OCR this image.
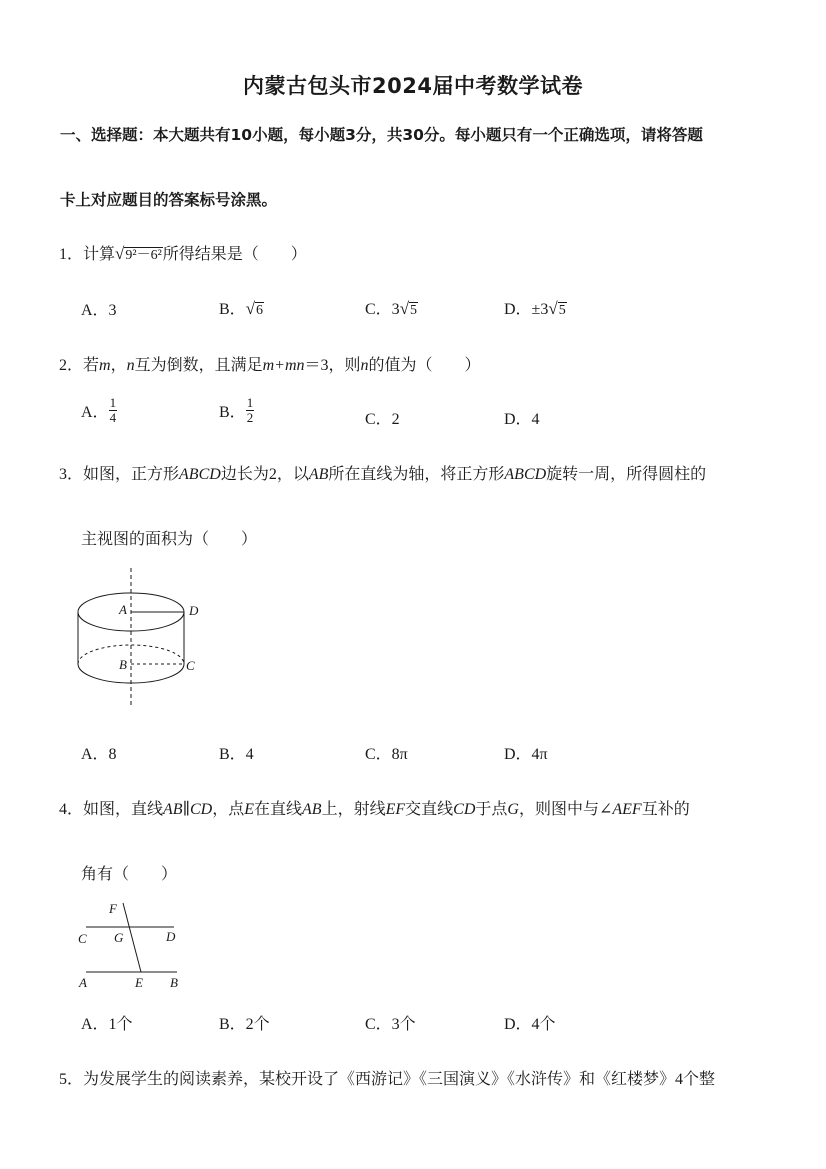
内蒙古包头市2024届中考数学试卷
一、选择题：本大题共有10小题，每小题3分，共30分。每小题只有一个正确选项，请将答题
卡上对应题目的答案标号涂黑。
1．计算√9²－6²所得结果是（　　）
A．3	B．√6	C．3√5	D．±3√5
2．若m，n互为倒数，且满足m+mn＝3，则n的值为（　　）
A． $\frac{1}{4}$	B． $\frac{1}{2}$	C．2	D．4
3．如图，正方形ABCD边长为2，以AB所在直线为轴，将正方形ABCD旋转一周，所得圆柱的
主视图的面积为（　　）
A	D
B	C
A．8	B．4	C．8π	D．4π
4．如图，直线AB∥CD，点E在直线AB上，射线EF交直线CD于点G，则图中与∠AEF互补的
角有（　　）
F
C G	D
A	E B
A．1个	B．2个	C．3个	D．4个
5．为发展学生的阅读素养，某校开设了《西游记》《三国演义》《水浒传》和《红楼梦》4个整
